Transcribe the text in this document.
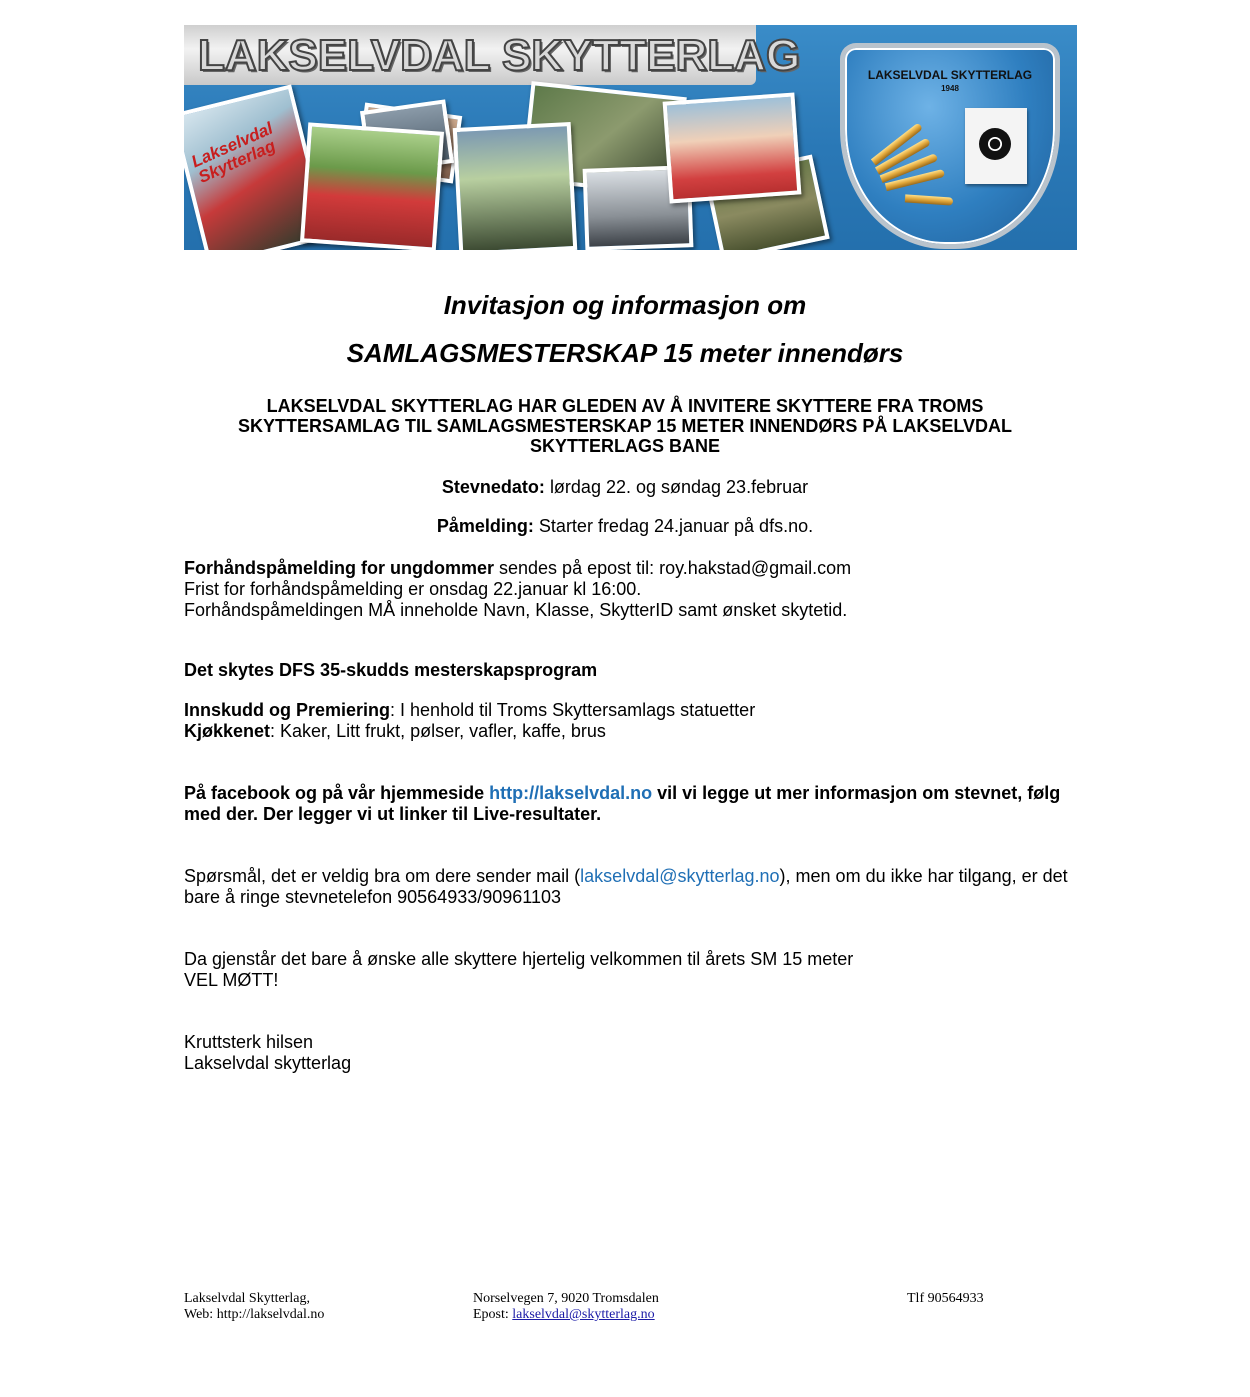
LAKSELVDAL SKYTTERLAG
Lakselvdal Skytterlag
LAKSELVDAL SKYTTERLAG
1948
Invitasjon og informasjon om
SAMLAGSMESTERSKAP 15 meter innendørs
LAKSELVDAL SKYTTERLAG HAR GLEDEN AV Å INVITERE SKYTTERE FRA TROMS SKYTTERSAMLAG TIL SAMLAGSMESTERSKAP 15 METER INNENDØRS PÅ LAKSELVDAL SKYTTERLAGS BANE
Stevnedato: lørdag 22. og søndag 23.februar
Påmelding: Starter fredag 24.januar på dfs.no.

Forhåndspåmelding for ungdommer sendes på epost til: roy.hakstad@gmail.com

Frist for forhåndspåmelding er onsdag 22.januar kl 16:00.

Forhåndspåmeldingen MÅ inneholde Navn, Klasse, SkytterID samt ønsket skytetid.

Det skytes DFS 35-skudds mesterskapsprogram

Innskudd og Premiering: I henhold til Troms Skyttersamlags statuetter

Kjøkkenet: Kaker, Litt frukt, pølser, vafler, kaffe, brus

På facebook og på vår hjemmeside http://lakselvdal.no vil vi legge ut mer informasjon om stevnet, følg med der. Der legger vi ut linker til Live-resultater.

Spørsmål, det er veldig bra om dere sender mail (lakselvdal@skytterlag.no), men om du ikke har tilgang, er det bare å ringe stevnetelefon 90564933/90961103

Da gjenstår det bare å ønske alle skyttere hjertelig velkommen til årets SM 15 meter

VEL MØTT!

Kruttsterk hilsen

Lakselvdal skytterlag

Lakselvdal Skytterlag,
Web: http://lakselvdal.no
Norselvegen 7, 9020 Tromsdalen
Epost: lakselvdal@skytterlag.no
Tlf 90564933
